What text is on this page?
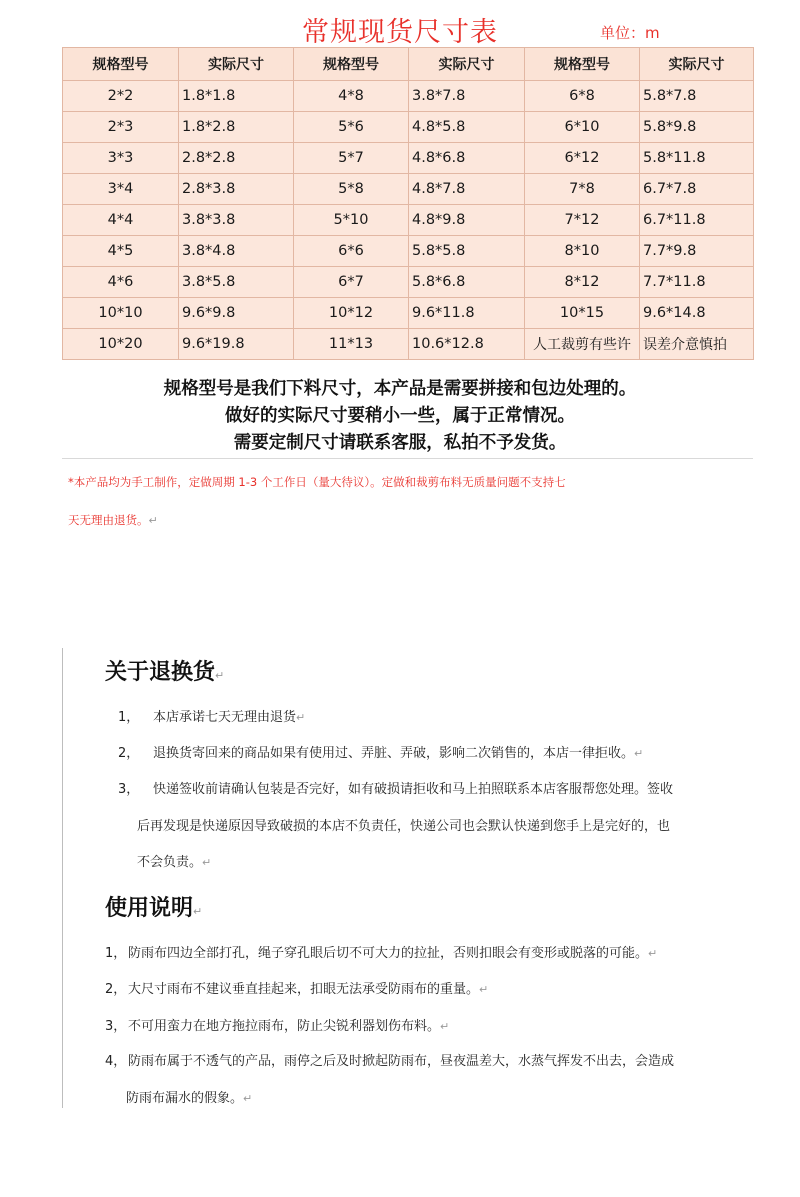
常规现货尺寸表	单位：m
规格型号	实际尺寸	规格型号	实际尺寸	规格型号	实际尺寸
2*2	1.8*1.8	4*8	3.8*7.8	6*8	5.8*7.8
2*3	1.8*2.8	5*6	4.8*5.8	6*10	5.8*9.8
3*3	2.8*2.8	5*7	4.8*6.8	6*12	5.8*11.8
3*4	2.8*3.8	5*8	4.8*7.8	7*8	6.7*7.8
4*4	3.8*3.8	5*10	4.8*9.8	7*12	6.7*11.8
4*5	3.8*4.8	6*6	5.8*5.8	8*10	7.7*9.8
4*6	3.8*5.8	6*7	5.8*6.8	8*12	7.7*11.8
10*10	9.6*9.8	10*12	9.6*11.8	10*15	9.6*14.8
10*20	9.6*19.8	11*13	10.6*12.8	人工裁剪有些许	误差介意慎拍
规格型号是我们下料尺寸，本产品是需要拼接和包边处理的。
做好的实际尺寸要稍小一些，属于正常情况。
需要定制尺寸请联系客服，私拍不予发货。
*本产品均为手工制作，定做周期 1-3 个工作日（量大待议）。定做和裁剪布料无质量问题不支持七
天无理由退货。↵
关于退换货↵
1， 本店承诺七天无理由退货↵
2， 退换货寄回来的商品如果有使用过、弄脏、弄破，影响二次销售的，本店一律拒收。↵
3， 快递签收前请确认包装是否完好，如有破损请拒收和马上拍照联系本店客服帮您处理。签收
后再发现是快递原因导致破损的本店不负责任，快递公司也会默认快递到您手上是完好的，也
不会负责。↵
使用说明↵
1， 防雨布四边全部打孔，绳子穿孔眼后切不可大力的拉扯，否则扣眼会有变形或脱落的可能。↵
2， 大尺寸雨布不建议垂直挂起来，扣眼无法承受防雨布的重量。↵
3， 不可用蛮力在地方拖拉雨布，防止尖锐利器划伤布料。↵
4， 防雨布属于不透气的产品，雨停之后及时掀起防雨布，昼夜温差大，水蒸气挥发不出去，会造成
防雨布漏水的假象。↵
